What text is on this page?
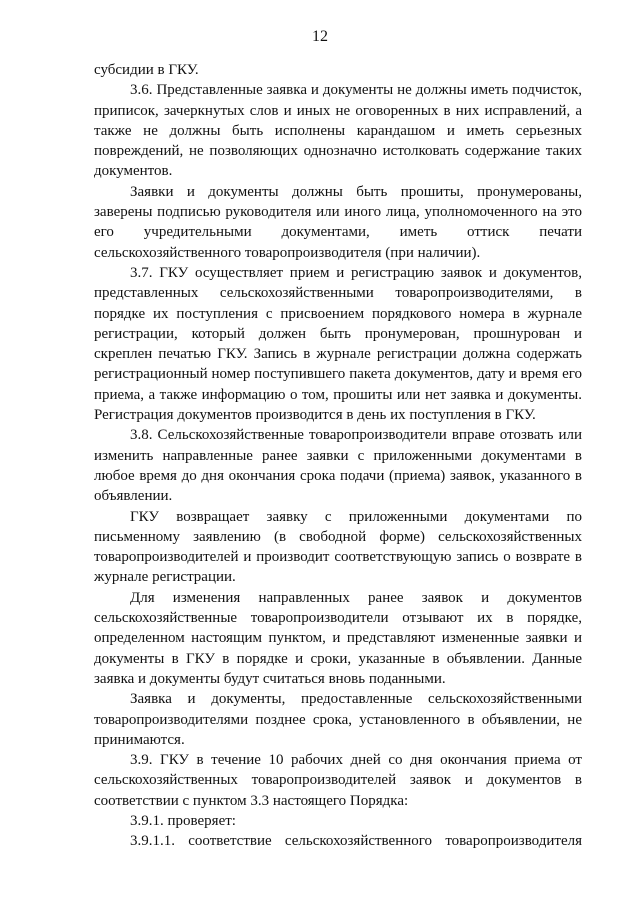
12

субсидии в ГКУ.

3.6. Представленные заявка и документы не должны иметь подчисток, приписок, зачеркнутых слов и иных не оговоренных в них исправлений, а также не должны быть исполнены карандашом и иметь серьезных повреждений, не позволяющих однозначно истолковать содержание таких документов.

Заявки и документы должны быть прошиты, пронумерованы, заверены подписью руководителя или иного лица, уполномоченного на это его учредительными документами, иметь оттиск печати сельскохозяйственного товаропроизводителя (при наличии).

3.7. ГКУ осуществляет прием и регистрацию заявок и документов, представленных сельскохозяйственными товаропроизводителями, в порядке их поступления с присвоением порядкового номера в журнале регистрации, который должен быть пронумерован, прошнурован и скреплен печатью ГКУ. Запись в журнале регистрации должна содержать регистрационный номер поступившего пакета документов, дату и время его приема, а также информацию о том, прошиты или нет заявка и документы. Регистрация документов производится в день их поступления в ГКУ.

3.8. Сельскохозяйственные товаропроизводители вправе отозвать или изменить направленные ранее заявки с приложенными документами в любое время до дня окончания срока подачи (приема) заявок, указанного в объявлении.

ГКУ возвращает заявку с приложенными документами по письменному заявлению (в свободной форме) сельскохозяйственных товаропроизводителей и производит соответствующую запись о возврате в журнале регистрации.

Для изменения направленных ранее заявок и документов сельскохозяйственные товаропроизводители отзывают их в порядке, определенном настоящим пунктом, и представляют измененные заявки и документы в ГКУ в порядке и сроки, указанные в объявлении. Данные заявка и документы будут считаться вновь поданными.

Заявка и документы, предоставленные сельскохозяйственными товаропроизводителями позднее срока, установленного в объявлении, не принимаются.

3.9. ГКУ в течение 10 рабочих дней со дня окончания приема от сельскохозяйственных товаропроизводителей заявок и документов в соответствии с пунктом 3.3 настоящего Порядка:

3.9.1. проверяет:

3.9.1.1. соответствие сельскохозяйственного товаропроизводителя
